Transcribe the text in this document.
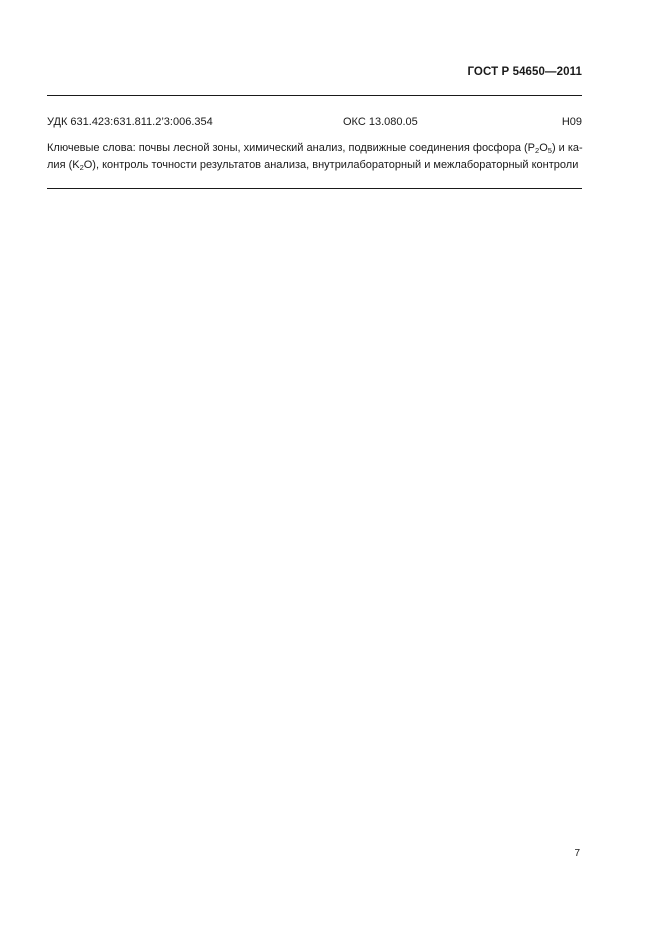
ГОСТ Р 54650—2011
УДК 631.423:631.811.2’3:006.354	ОКС 13.080.05	Н09
Ключевые слова: почвы лесной зоны, химический анализ, подвижные соединения фосфора $(P_2O_5)$ и ка-
лия $(K_2O)$, контроль точности результатов анализа, внутрилабораторный и межлабораторный контроли
7
